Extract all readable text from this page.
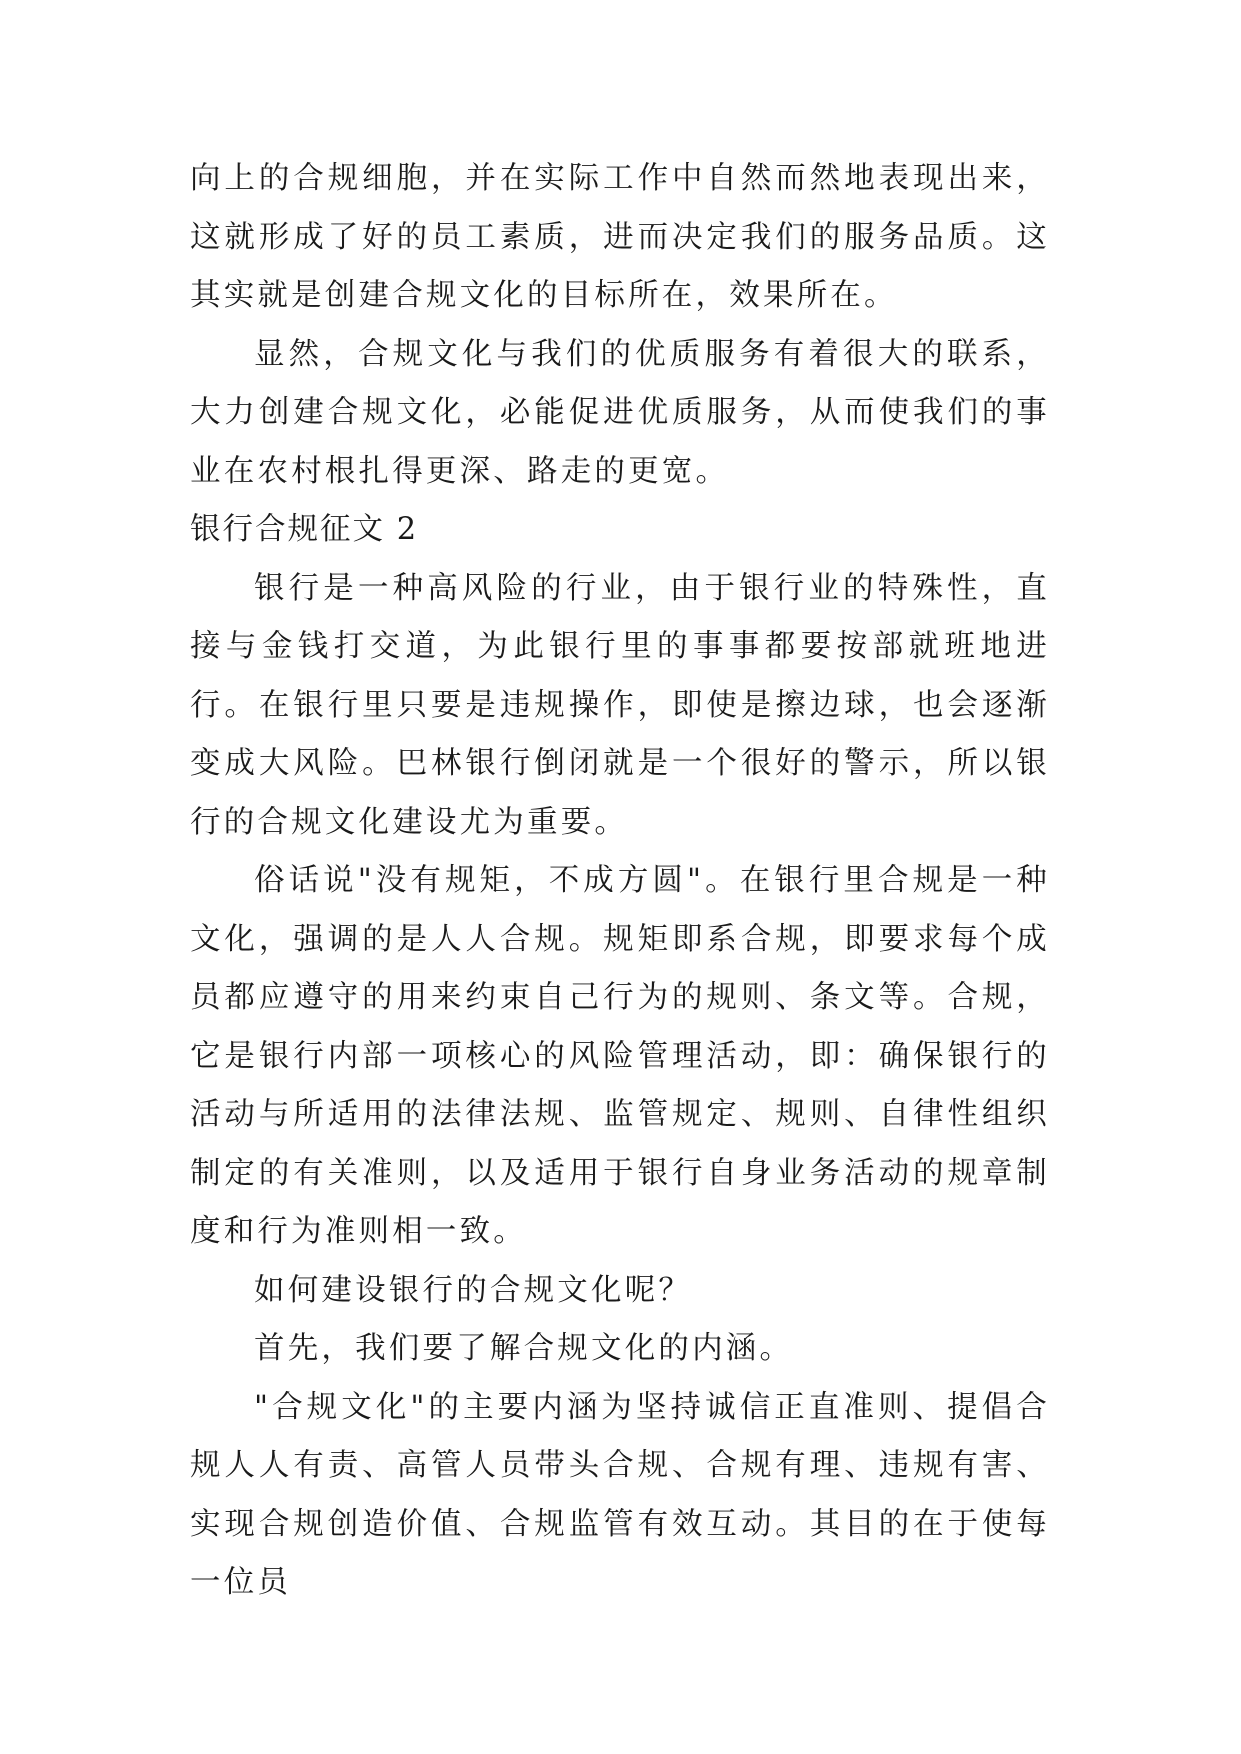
向上的合规细胞，并在实际工作中自然而然地表现出来，这就形成了好的员工素质，进而决定我们的服务品质。这其实就是创建合规文化的目标所在，效果所在。

显然，合规文化与我们的优质服务有着很大的联系，大力创建合规文化，必能促进优质服务，从而使我们的事业在农村根扎得更深、路走的更宽。

银行合规征文 2

银行是一种高风险的行业，由于银行业的特殊性，直接与金钱打交道，为此银行里的事事都要按部就班地进行。在银行里只要是违规操作，即使是擦边球，也会逐渐变成大风险。巴林银行倒闭就是一个很好的警示，所以银行的合规文化建设尤为重要。

俗话说"没有规矩，不成方圆"。在银行里合规是一种文化，强调的是人人合规。规矩即系合规，即要求每个成员都应遵守的用来约束自己行为的规则、条文等。合规，它是银行内部一项核心的风险管理活动，即：确保银行的活动与所适用的法律法规、监管规定、规则、自律性组织制定的有关准则，以及适用于银行自身业务活动的规章制度和行为准则相一致。

如何建设银行的合规文化呢？

首先，我们要了解合规文化的内涵。

"合规文化"的主要内涵为坚持诚信正直准则、提倡合规人人有责、高管人员带头合规、合规有理、违规有害、实现合规创造价值、合规监管有效互动。其目的在于使每一位员
